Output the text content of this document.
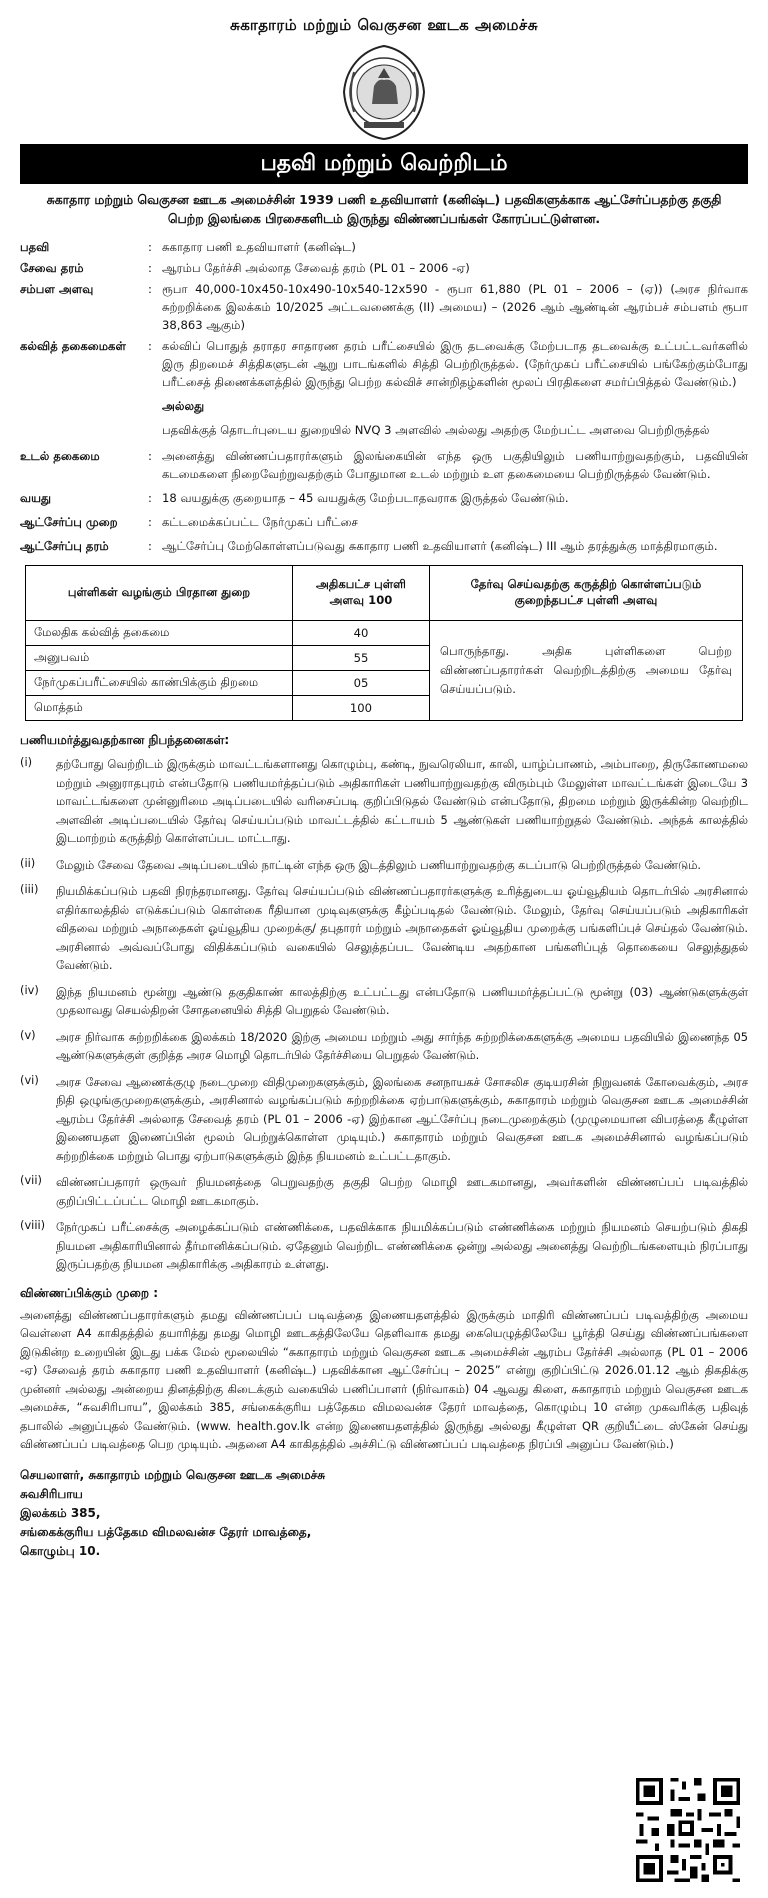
சுகாதாரம் மற்றும் வெகுசன ஊடக அமைச்சு
பதவி மற்றும் வெற்றிடம்
சுகாதார மற்றும் வெகுசன ஊடக அமைச்சின் 1939 பணி உதவியாளர் (கனிஷ்ட) பதவிகளுக்காக ஆட்சேர்ப்பதற்கு தகுதி பெற்ற இலங்கை பிரசைகளிடம் இருந்து விண்ணப்பங்கள் கோரப்பட்டுள்ளன.
பதவி	: சுகாதார பணி உதவியாளர் (கனிஷ்ட)
சேவை தரம்	: ஆரம்ப தேர்ச்சி அல்லாத சேவைத் தரம் (PL 01 – 2006 -ஏ)
சம்பள அளவு	: ரூபா 40,000-10x450-10x490-10x540-12x590 - ரூபா 61,880 (PL 01 – 2006 – (ஏ)) (அரச நிர்வாக சுற்றறிக்கை இலக்கம் 10/2025 அட்டவணைக்கு (II) அமைய) – (2026 ஆம் ஆண்டின் ஆரம்பச் சம்பளம் ரூபா 38,863 ஆகும்)
கல்வித் தகைமைகள்	: கல்விப் பொதுத் தராதர சாதாரண தரம் பரீட்சையில் இரு தடவைக்கு மேற்படாத தடவைக்கு உட்பட்டவர்களில் இரு திறமைச் சித்திகளுடன் ஆறு பாடங்களில் சித்தி பெற்றிருத்தல். (நேர்முகப் பரீட்சையில் பங்கேற்கும்போது பரீட்சைத் திணைக்களத்தில் இருந்து பெற்ற கல்விச் சான்றிதழ்களின் மூலப் பிரதிகளை சமர்ப்பித்தல் வேண்டும்.)
அல்லது
பதவிக்குத் தொடர்புடைய துறையில் NVQ 3 அளவில் அல்லது அதற்கு மேற்பட்ட அளவை பெற்றிருத்தல்
உடல் தகைமை	: அனைத்து விண்ணப்பதாரர்களும் இலங்கையின் எந்த ஒரு பகுதியிலும் பணியாற்றுவதற்கும், பதவியின் கடமைகளை நிறைவேற்றுவதற்கும் போதுமான உடல் மற்றும் உள தகைமையை பெற்றிருத்தல் வேண்டும்.
வயது	: 18 வயதுக்கு குறையாத – 45 வயதுக்கு மேற்படாதவராக இருத்தல் வேண்டும்.
ஆட்சேர்ப்பு முறை	: கட்டமைக்கப்பட்ட நேர்முகப் பரீட்சை
ஆட்சேர்ப்பு தரம்	: ஆட்சேர்ப்பு மேற்கொள்ளப்படுவது சுகாதார பணி உதவியாளர் (கனிஷ்ட) III ஆம் தரத்துக்கு மாத்திரமாகும்.
புள்ளிகள் வழங்கும் பிரதான துறை	அதிகபட்ச புள்ளி அளவு 100	தேர்வு செய்வதற்கு கருத்திற் கொள்ளப்படும் குறைந்தபட்ச புள்ளி அளவு
மேலதிக கல்வித் தகைமை	40	பொருந்தாது. அதிக புள்ளிகளை பெற்ற விண்ணப்பதாரர்கள் வெற்றிடத்திற்கு அமைய தேர்வு செய்யப்படும்.

அனுபவம்	55	
நேர்முகப்பரீட்சையில் காண்பிக்கும் திறமை	05	
மொத்தம்	100	
பணியமர்த்துவதற்கான நிபந்தனைகள்:
(i)	தற்போது வெற்றிடம் இருக்கும் மாவட்டங்களானது கொழும்பு, கண்டி, நுவரெலியா, காலி, யாழ்ப்பாணம், அம்பாறை, திருகோணமலை மற்றும் அனுராதபுரம் என்பதோடு பணியமர்த்தப்படும் அதிகாரிகள் பணியாற்றுவதற்கு விரும்பும் மேலுள்ள மாவட்டங்கள் இடையே 3 மாவட்டங்களை முன்னுரிமை அடிப்படையில் வரிசைப்படி குறிப்பிடுதல் வேண்டும் என்பதோடு, திறமை மற்றும் இருக்கின்ற வெற்றிட அளவின் அடிப்படையில் தேர்வு செய்யப்படும் மாவட்டத்தில் கட்டாயம் 5 ஆண்டுகள் பணியாற்றுதல் வேண்டும். அந்தக் காலத்தில் இடமாற்றம் கருத்திற் கொள்ளப்பட மாட்டாது.
(ii)	மேலும் சேவை தேவை அடிப்படையில் நாட்டின் எந்த ஒரு இடத்திலும் பணியாற்றுவதற்கு கடப்பாடு பெற்றிருத்தல் வேண்டும்.
(iii)	நியமிக்கப்படும் பதவி நிரந்தரமானது. தேர்வு செய்யப்படும் விண்ணப்பதாரர்களுக்கு உரித்துடைய ஓய்வூதியம் தொடர்பில் அரசினால் எதிர்காலத்தில் எடுக்கப்படும் கொள்கை ரீதியான முடிவுகளுக்கு கீழ்ப்படிதல் வேண்டும். மேலும், தேர்வு செய்யப்படும் அதிகாரிகள் விதவை மற்றும் அநாதைகள் ஓய்வூதிய முறைக்கு/ தபுதாரர் மற்றும் அநாதைகள் ஓய்வூதிய முறைக்கு பங்களிப்புச் செய்தல் வேண்டும். அரசினால் அவ்வப்போது விதிக்கப்படும் வகையில் செலுத்தப்பட வேண்டிய அதற்கான பங்களிப்புத் தொகையை செலுத்துதல் வேண்டும்.
(iv)	இந்த நியமனம் மூன்று ஆண்டு தகுதிகாண் காலத்திற்கு உட்பட்டது என்பதோடு பணியமர்த்தப்பட்டு மூன்று (03) ஆண்டுகளுக்குள் முதலாவது செயல்திறன் சோதனையில் சித்தி பெறுதல் வேண்டும்.
(v)	அரச நிர்வாக சுற்றறிக்கை இலக்கம் 18/2020 இற்கு அமைய மற்றும் அது சார்ந்த சுற்றறிக்கைகளுக்கு அமைய பதவியில் இணைந்த 05 ஆண்டுகளுக்குள் குறித்த அரச மொழி தொடர்பில் தேர்ச்சியை பெறுதல் வேண்டும்.
(vi)	அரச சேவை ஆணைக்குழு நடைமுறை விதிமுறைகளுக்கும், இலங்கை சனநாயகச் சோசலிச குடியரசின் நிறுவனக் கோவைக்கும், அரச நிதி ஒழுங்குமுறைகளுக்கும், அரசினால் வழங்கப்படும் சுற்றறிக்கை ஏற்பாடுகளுக்கும், சுகாதாரம் மற்றும் வெகுசன ஊடக அமைச்சின் ஆரம்ப தேர்ச்சி அல்லாத சேவைத் தரம் (PL 01 – 2006 -ஏ) இற்கான ஆட்சேர்ப்பு நடைமுறைக்கும் (முழுமையான விபரத்தை கீழுள்ள இணையதள இணைப்பின் மூலம் பெற்றுக்கொள்ள முடியும்.) சுகாதாரம் மற்றும் வெகுசன ஊடக அமைச்சினால் வழங்கப்படும் சுற்றறிக்கை மற்றும் பொது ஏற்பாடுகளுக்கும் இந்த நியமனம் உட்பட்டதாகும்.
(vii)	விண்ணப்பதாரர் ஒருவர் நியமனத்தை பெறுவதற்கு தகுதி பெற்ற மொழி ஊடகமானது, அவர்களின் விண்ணப்பப் படிவத்தில் குறிப்பிட்டப்பட்ட மொழி ஊடகமாகும்.
(viii) நேர்முகப் பரீட்சைக்கு அழைக்கப்படும் எண்ணிக்கை, பதவிக்காக நியமிக்கப்படும் எண்ணிக்கை மற்றும் நியமனம் செயற்படும் திகதி நியமன அதிகாரியினால் தீர்மானிக்கப்படும். ஏதேனும் வெற்றிட எண்ணிக்கை ஒன்று அல்லது அனைத்து வெற்றிடங்களையும் நிரப்பாது இருப்பதற்கு நியமன அதிகாரிக்கு அதிகாரம் உள்ளது.
விண்ணப்பிக்கும் முறை :
அனைத்து விண்ணப்பதாரர்களும் தமது விண்ணப்பப் படிவத்தை இணையதளத்தில் இருக்கும் மாதிரி விண்ணப்பப் படிவத்திற்கு அமைய வெள்ளை A4 காகிதத்தில் தயாரித்து தமது மொழி ஊடகத்திலேயே தெளிவாக தமது கையெழுத்திலேயே பூர்த்தி செய்து விண்ணப்பங்களை இடுகின்ற உறையின் இடது பக்க மேல் மூலையில் “சுகாதாரம் மற்றும் வெகுசன ஊடக அமைச்சின் ஆரம்ப தேர்ச்சி அல்லாத (PL 01 – 2006 -ஏ) சேவைத் தரம் சுகாதார பணி உதவியாளர் (கனிஷ்ட) பதவிக்கான ஆட்சேர்ப்பு – 2025” என்று குறிப்பிட்டு 2026.01.12 ஆம் திகதிக்கு முன்னர் அல்லது அன்றைய தினத்திற்கு கிடைக்கும் வகையில் பணிப்பாளர் (நிர்வாகம்) 04 ஆவது கிளை, சுகாதாரம் மற்றும் வெகுசன ஊடக அமைச்சு, “சுவசிரிபாய”, இலக்கம் 385, சங்கைக்குரிய பத்தேகம விமலவன்ச தேரர் மாவத்தை, கொழும்பு 10 என்ற முகவரிக்கு பதிவுத் தபாலில் அனுப்புதல் வேண்டும். (www. health.gov.lk என்ற இணையதளத்தில் இருந்து அல்லது கீழுள்ள QR குறியீட்டை ஸ்கேன் செய்து விண்ணப்பப் படிவத்தை பெற முடியும். அதனை A4 காகிதத்தில் அச்சிட்டு விண்ணப்பப் படிவத்தை நிரப்பி அனுப்ப வேண்டும்.)
செயலாளர், சுகாதாரம் மற்றும் வெகுசன ஊடக அமைச்சு
சுவசிரிபாய
இலக்கம் 385,
சங்கைக்குரிய பத்தேகம விமலவன்ச தேரர் மாவத்தை,
கொழும்பு 10.
